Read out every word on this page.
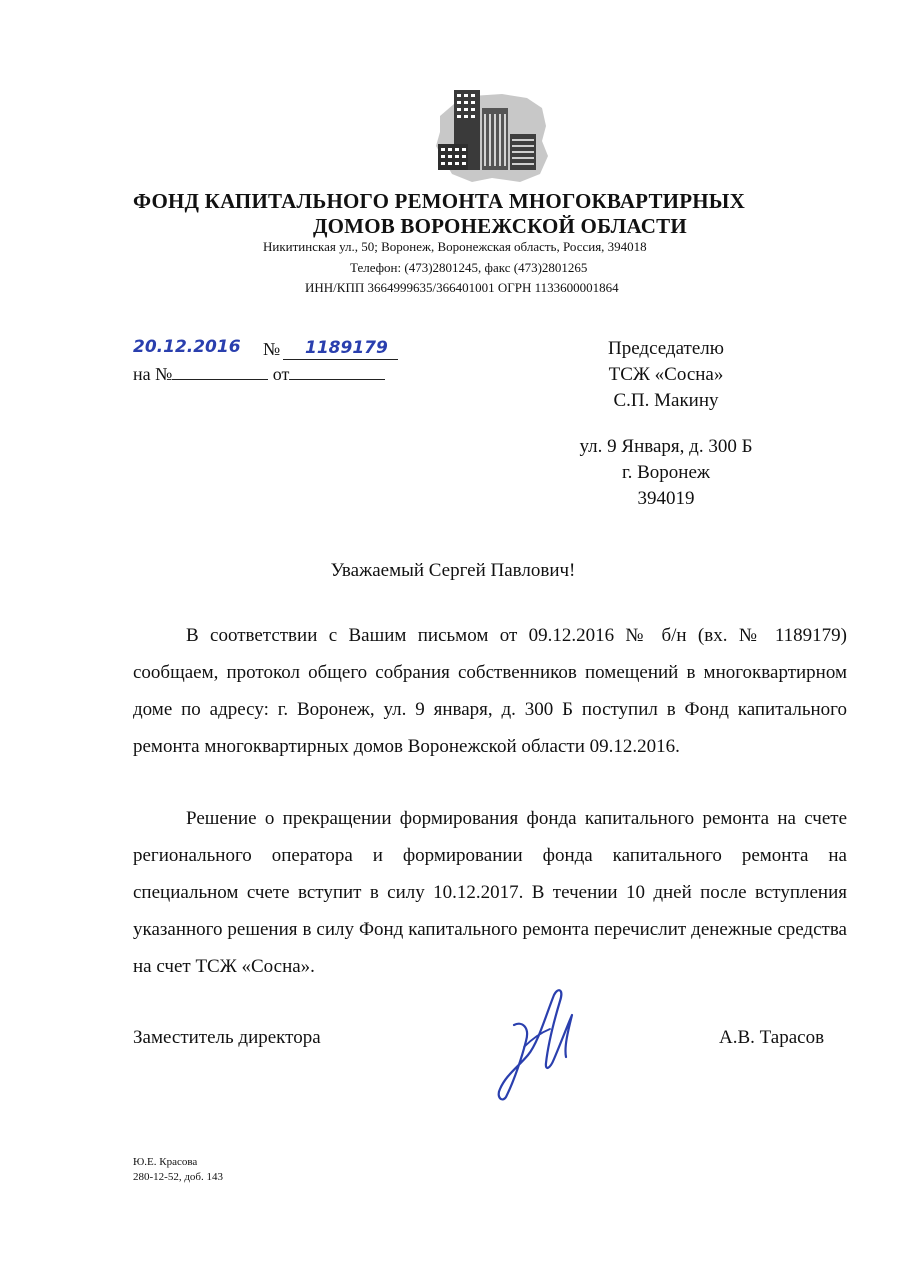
ФОНД КАПИТАЛЬНОГО РЕМОНТА МНОГОКВАРТИРНЫХ
ДОМОВ ВОРОНЕЖСКОЙ ОБЛАСТИ
Никитинская ул., 50; Воронеж, Воронежская область, Россия, 394018
Телефон: (473)2801245, факс (473)2801265
ИНН/КПП 3664999635/366401001 ОГРН 1133600001864
20.12.2016 № 1189179
на №	от
Председателю
ТСЖ «Сосна»
С.П. Макину
ул. 9 Января, д. 300 Б
г. Воронеж
394019
Уважаемый Сергей Павлович!

В соответствии с Вашим письмом от 09.12.2016 № б/н (вх. № 1189179) сообщаем, протокол общего собрания собственников помещений в многоквартирном доме по адресу: г. Воронеж, ул. 9 января, д. 300 Б поступил в Фонд капитального ремонта многоквартирных домов Воронежской области 09.12.2016.

Решение о прекращении формирования фонда капитального ремонта на счете регионального оператора и формировании фонда капитального ремонта на специальном счете вступит в силу 10.12.2017. В течении 10 дней после вступления указанного решения в силу Фонд капитального ремонта перечислит денежные средства на счет ТСЖ «Сосна».

Заместитель директора	А.В. Тарасов
Ю.Е. Красова
280-12-52, доб. 143
